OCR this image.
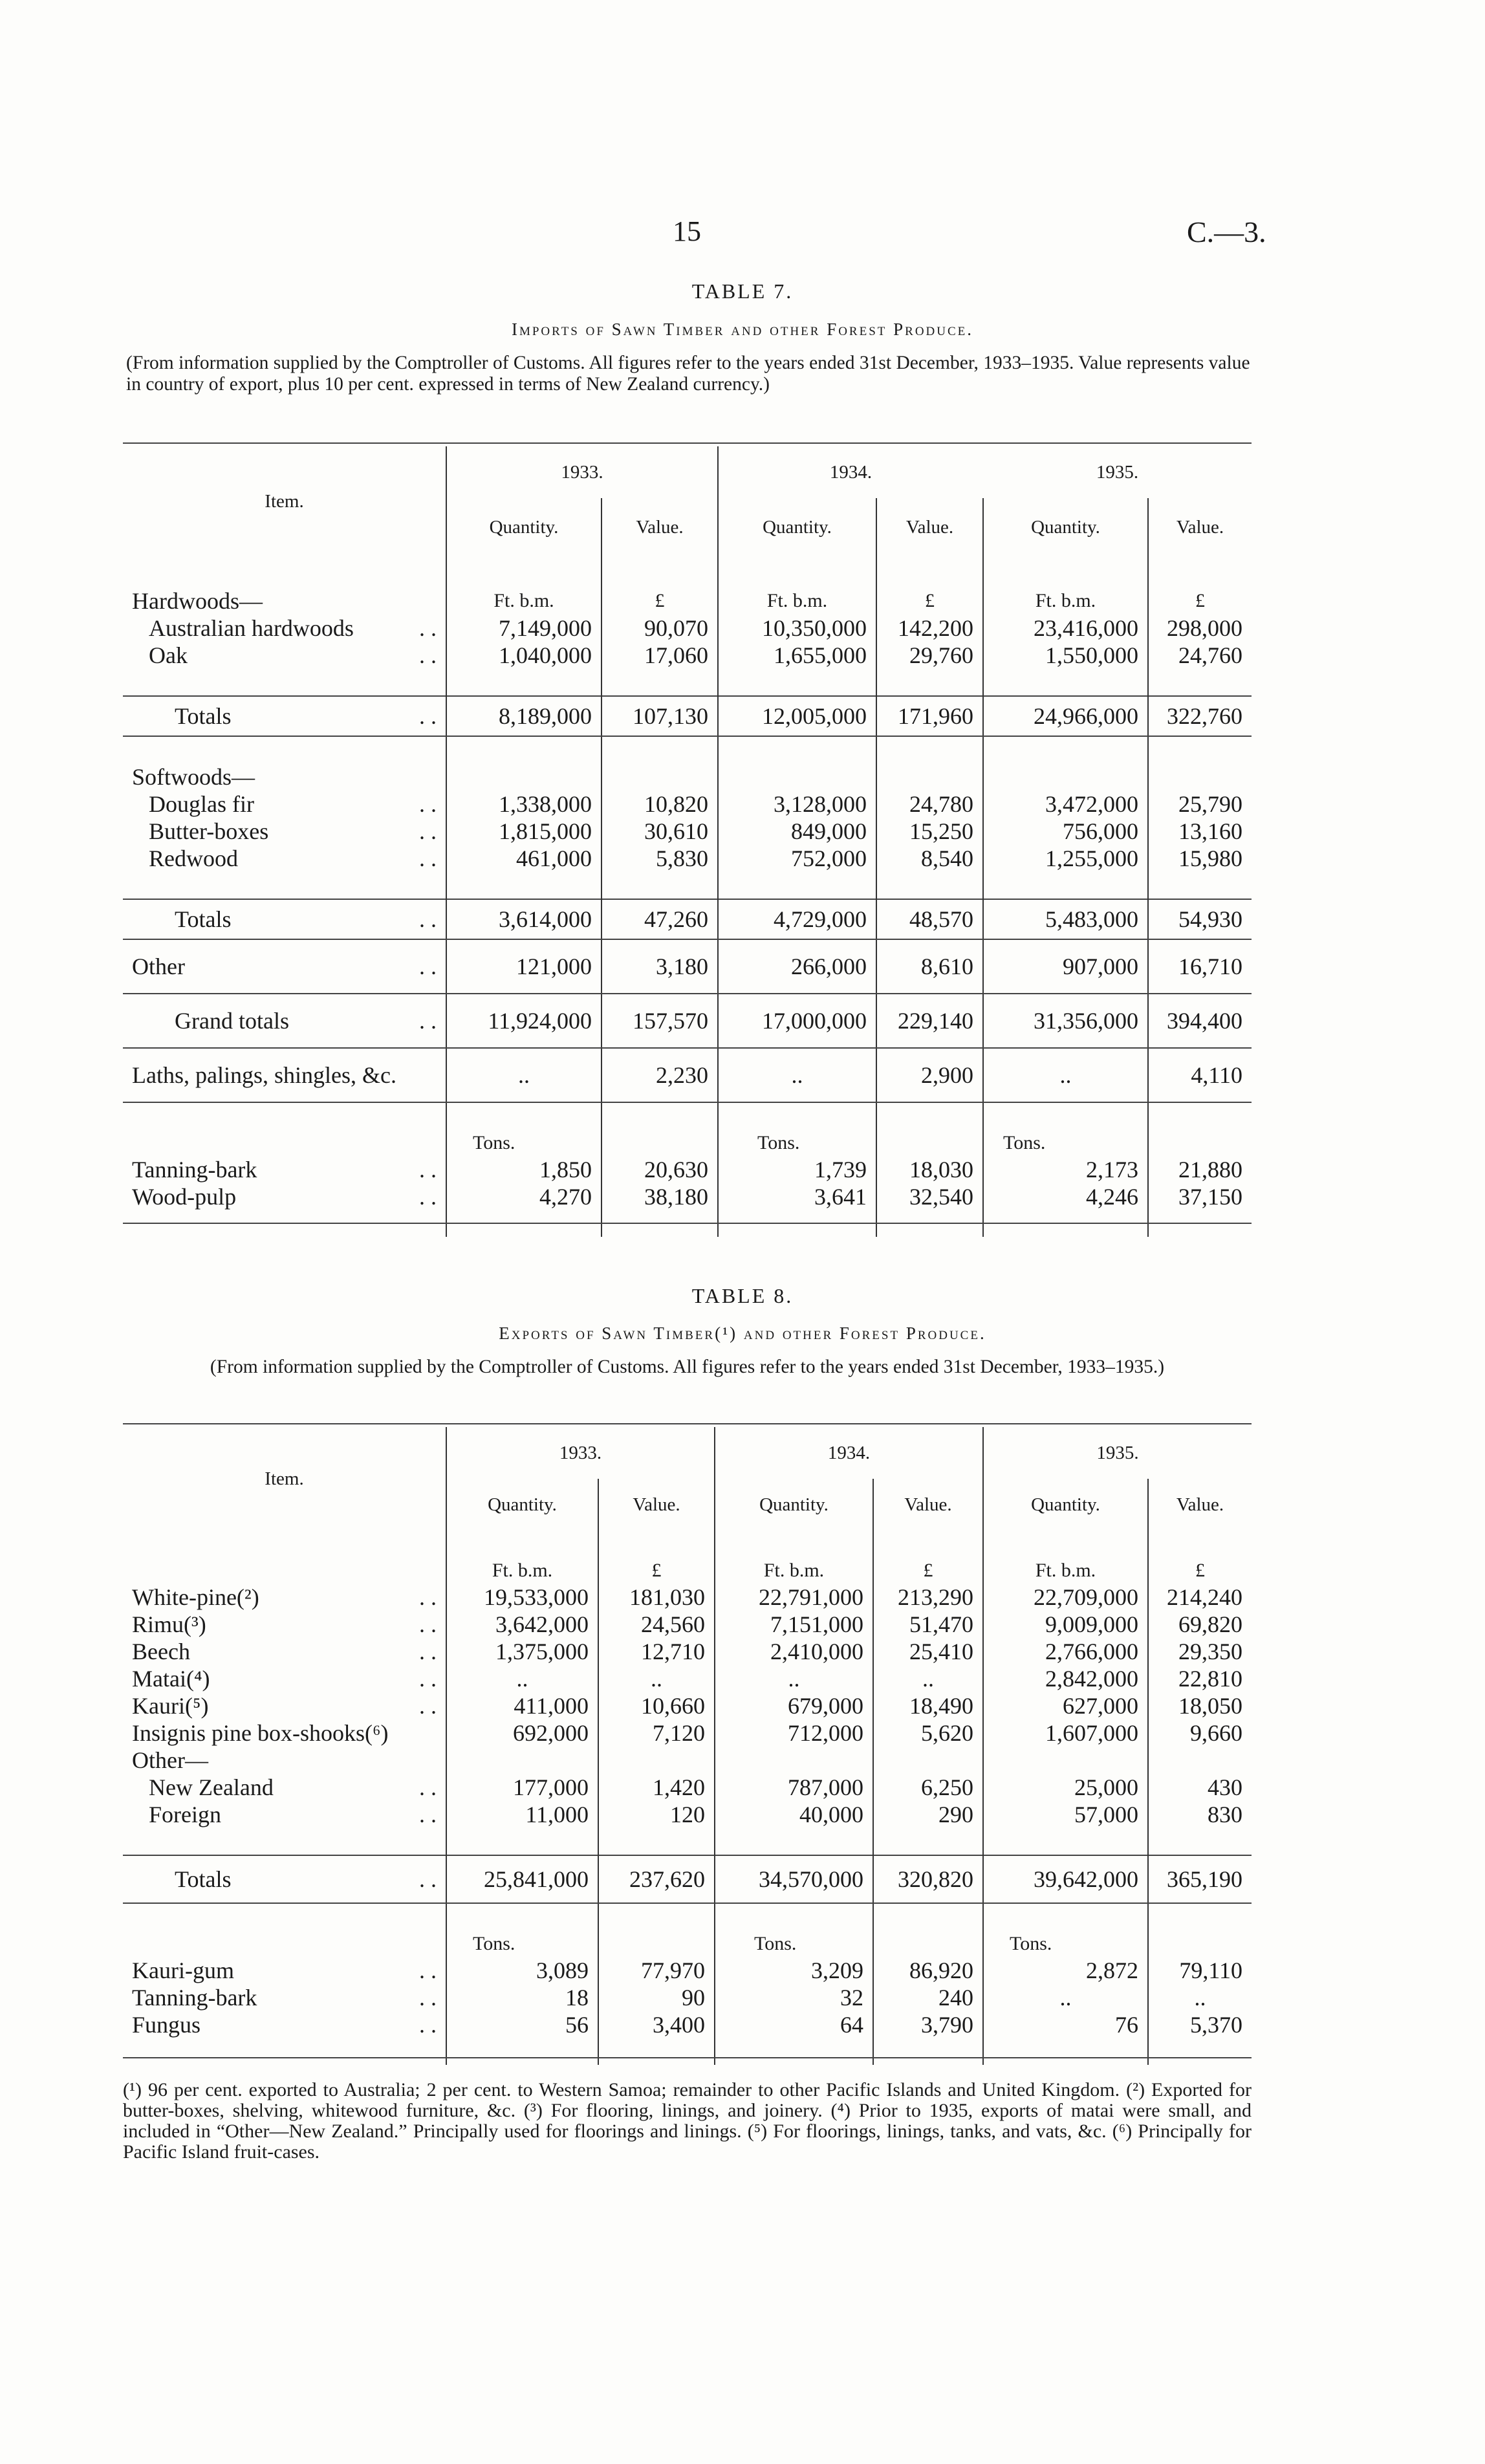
15	C.—3.
TABLE 7.
Imports of Sawn Timber and other Forest Produce.
(From information supplied by the Comptroller of Customs. All figures refer to the years ended 31st December, 1933–1935. Value represents value in country of export, plus 10 per cent. expressed in terms of New Zealand currency.)
Item.	1933.		1934.		1935.	
	Quantity.	Value.	Quantity.	Value.	Quantity.	Value.

Hardwoods—	Ft. b.m.	£	Ft. b.m.	£	Ft. b.m.	£
Australian hardwoods . .	7,149,000	90,070	10,350,000	142,200	23,416,000	298,000
Oak . .	1,040,000	17,060	1,655,000	29,760	1,550,000	24,760

Totals . .	8,189,000	107,130	12,005,000	171,960	24,966,000	322,760

Softwoods—						
Douglas fir . .	1,338,000	10,820	3,128,000	24,780	3,472,000	25,790
Butter-boxes . .	1,815,000	30,610	849,000	15,250	756,000	13,160
Redwood . .	461,000	5,830	752,000	8,540	1,255,000	15,980

Totals . .	3,614,000	47,260	4,729,000	48,570	5,483,000	54,930
Other . .	121,000	3,180	266,000	8,610	907,000	16,710
Grand totals . .	11,924,000	157,570	17,000,000	229,140	31,356,000	394,400
Laths, palings, shingles, &c.	..	2,230	..	2,900	..	4,110

	Tons.		Tons.		Tons.	
Tanning-bark . .	1,850	20,630	1,739	18,030	2,173	21,880
Wood-pulp . .	4,270	38,180	3,641	32,540	4,246	37,150

TABLE 8.
Exports of Sawn Timber(¹) and other Forest Produce.
(From information supplied by the Comptroller of Customs. All figures refer to the years ended 31st December, 1933–1935.)
Item.	1933.		1934.		1935.	
	Quantity.	Value.	Quantity.	Value.	Quantity.	Value.

	Ft. b.m.	£	Ft. b.m.	£	Ft. b.m.	£
White-pine(²) . .	19,533,000	181,030	22,791,000	213,290	22,709,000	214,240
Rimu(³) . .	3,642,000	24,560	7,151,000	51,470	9,009,000	69,820
Beech . .	1,375,000	12,710	2,410,000	25,410	2,766,000	29,350
Matai(⁴) . .	..	..	..	..	2,842,000	22,810
Kauri(⁵) . .	411,000	10,660	679,000	18,490	627,000	18,050
Insignis pine box-shooks(⁶)	692,000	7,120	712,000	5,620	1,607,000	9,660
Other—						
New Zealand . .	177,000	1,420	787,000	6,250	25,000	430
Foreign . .	11,000	120	40,000	290	57,000	830

Totals . .	25,841,000	237,620	34,570,000	320,820	39,642,000	365,190

	Tons.		Tons.		Tons.	
Kauri-gum . .	3,089	77,970	3,209	86,920	2,872	79,110
Tanning-bark . .	18	90	32	240	..	..
Fungus . .	56	3,400	64	3,790	76	5,370

(¹) 96 per cent. exported to Australia; 2 per cent. to Western Samoa; remainder to other Pacific Islands and United Kingdom. (²) Exported for butter-boxes, shelving, whitewood furniture, &c. (³) For flooring, linings, and joinery. (⁴) Prior to 1935, exports of matai were small, and included in “Other—New Zealand.” Principally used for floorings and linings. (⁵) For floorings, linings, tanks, and vats, &c. (⁶) Principally for Pacific Island fruit-cases.
